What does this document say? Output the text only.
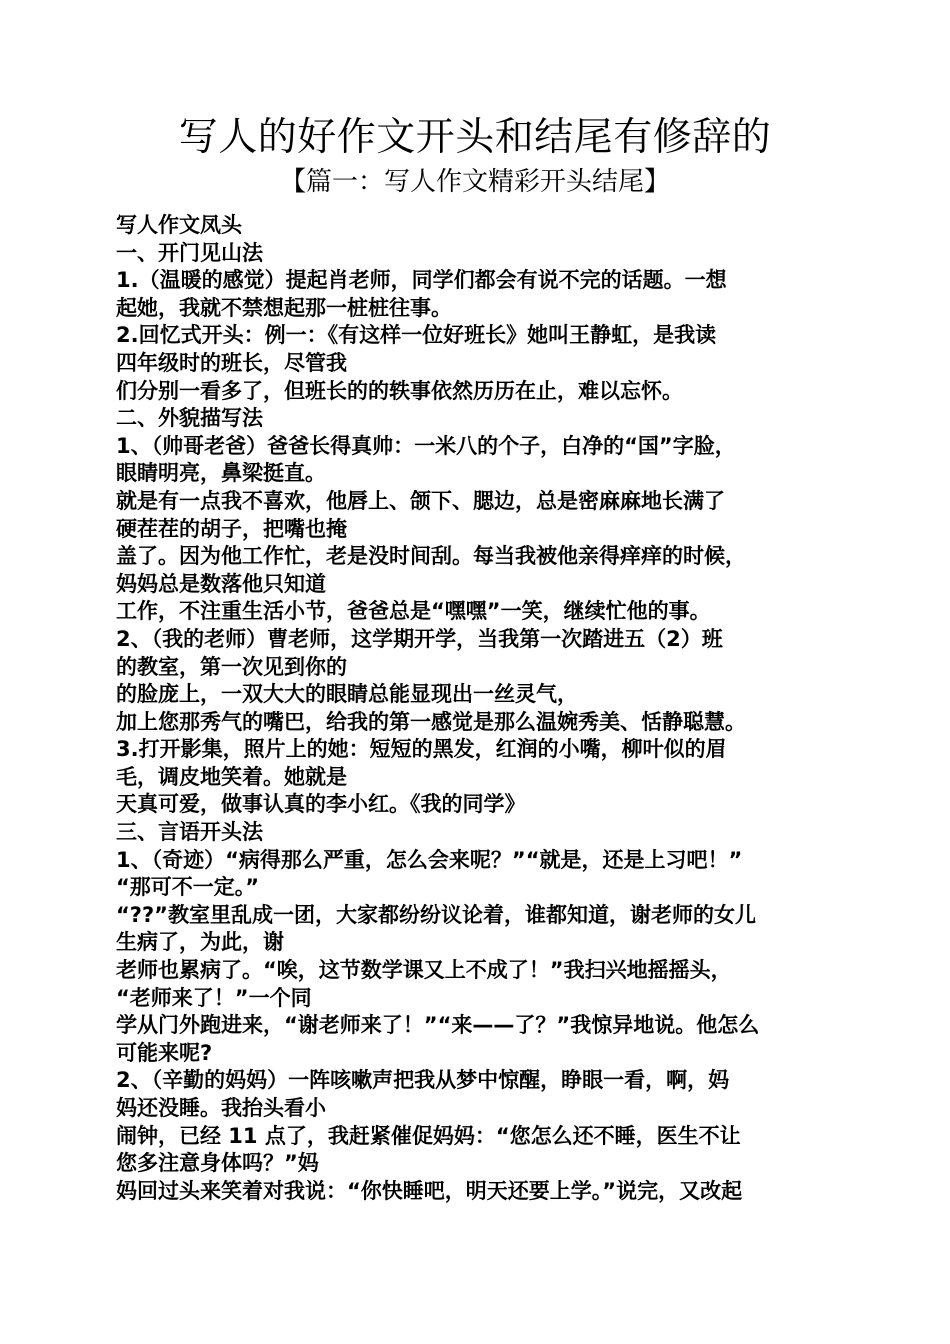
写人的好作文开头和结尾有修辞的
【篇一：写人作文精彩开头结尾】
写人作文凤头
一、开门见山法
1.（温暖的感觉）提起肖老师，同学们都会有说不完的话题。一想
起她，我就不禁想起那一桩桩往事。
2.回忆式开头：例一：《有这样一位好班长》她叫王静虹，是我读
四年级时的班长，尽管我
们分别一看多了，但班长的的轶事依然历历在止，难以忘怀。
二、外貌描写法
1、（帅哥老爸）爸爸长得真帅：一米八的个子，白净的“国”字脸，
眼睛明亮，鼻梁挺直。
就是有一点我不喜欢，他唇上、颌下、腮边，总是密麻麻地长满了
硬茬茬的胡子，把嘴也掩
盖了。因为他工作忙，老是没时间刮。每当我被他亲得痒痒的时候，
妈妈总是数落他只知道
工作，不注重生活小节，爸爸总是“嘿嘿”一笑，继续忙他的事。
2、（我的老师）曹老师，这学期开学，当我第一次踏进五（2）班
的教室，第一次见到你的
的脸庞上，一双大大的眼睛总能显现出一丝灵气，
加上您那秀气的嘴巴，给我的第一感觉是那么温婉秀美、恬静聪慧。
3.打开影集，照片上的她：短短的黑发，红润的小嘴，柳叶似的眉
毛，调皮地笑着。她就是
天真可爱，做事认真的李小红。《我的同学》
三、言语开头法
1、（奇迹）“病得那么严重，怎么会来呢？”“就是，还是上习吧！”
“那可不一定。”
“??”教室里乱成一团，大家都纷纷议论着，谁都知道，谢老师的女儿
生病了，为此，谢
老师也累病了。“唉，这节数学课又上不成了！”我扫兴地摇摇头，
“老师来了！”一个同
学从门外跑进来，“谢老师来了！”“来——了？”我惊异地说。他怎么
可能来呢?
2、（辛勤的妈妈）一阵咳嗽声把我从梦中惊醒，睁眼一看，啊，妈
妈还没睡。我抬头看小
闹钟，已经 11 点了，我赶紧催促妈妈：“您怎么还不睡，医生不让
您多注意身体吗？”妈
妈回过头来笑着对我说：“你快睡吧，明天还要上学。”说完，又改起
